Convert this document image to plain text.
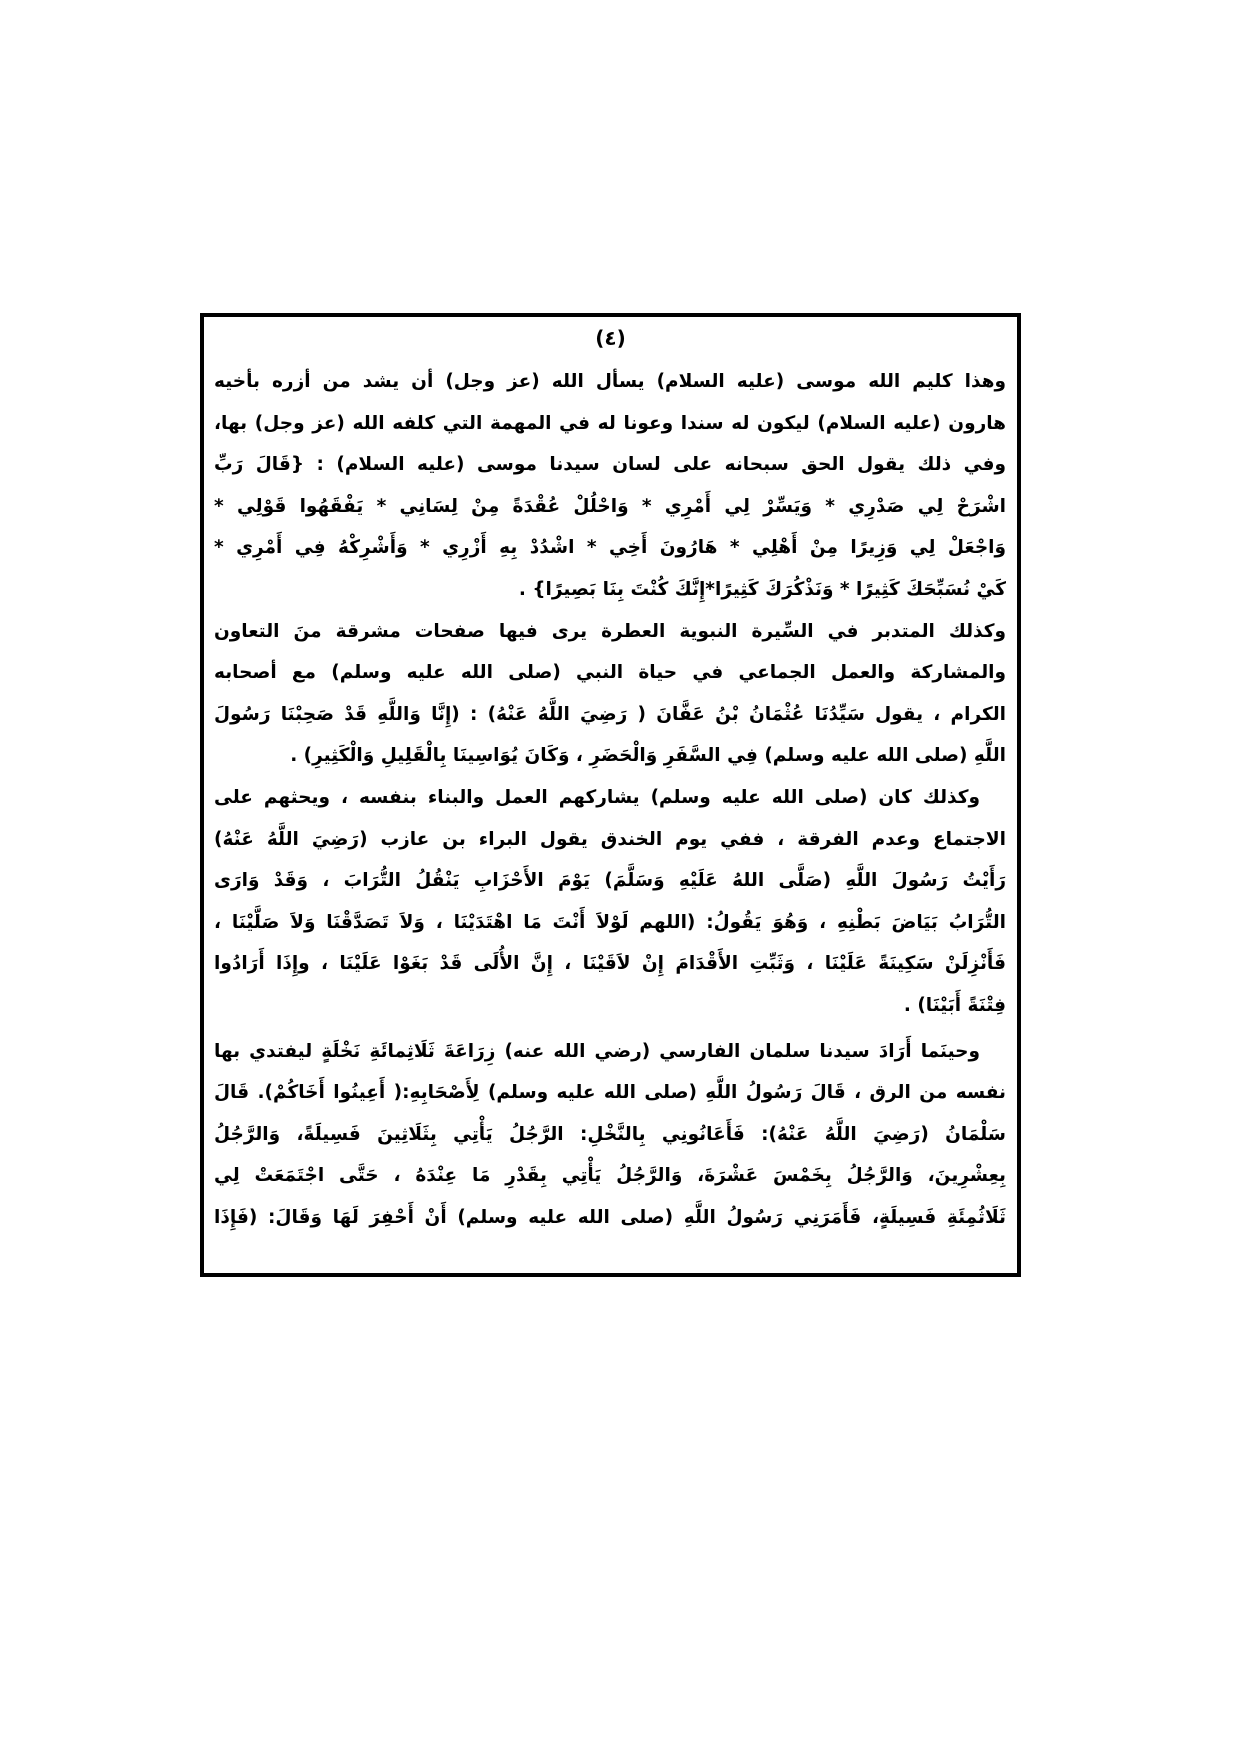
(٤)
وهذا كليم الله موسى (عليه السلام) يسأل الله (عز وجل) أن يشد من أزره بأخيه
هارون (عليه السلام) ليكون له سندا وعونا له في المهمة التي كلفه الله (عز وجل) بها،
وفي ذلك يقول الحق سبحانه على لسان سيدنا موسى (عليه السلام) : {قَالَ رَبِّ
اشْرَحْ لِي صَدْرِي * وَيَسِّرْ لِي أَمْرِي * وَاحْلُلْ عُقْدَةً مِنْ لِسَانِي * يَفْقَهُوا قَوْلِي *
وَاجْعَلْ لِي وَزِيرًا مِنْ أَهْلِي * هَارُونَ أَخِي * اشْدُدْ بِهِ أَزْرِي * وَأَشْرِكْهُ فِي أَمْرِي *
كَيْ نُسَبِّحَكَ كَثِيرًا * وَنَذْكُرَكَ كَثِيرًا*إِنَّكَ كُنْتَ بِنَا بَصِيرًا} .
وكذلك المتدبر في السِّيرة النبوية العطرة يرى فيها صفحات مشرقة منَ التعاون
والمشاركة والعمل الجماعي في حياة النبي (صلى الله عليه وسلم) مع أصحابه
الكرام ، يقول سَيِّدُنَا عُثْمَانُ بْنُ عَفَّانَ ( رَضِيَ اللَّهُ عَنْهُ) : (إِنَّا وَاللَّهِ قَدْ صَحِبْنَا رَسُولَ
اللَّهِ (صلى الله عليه وسلم) فِي السَّفَرِ وَالْحَضَرِ ، وَكَانَ يُوَاسِينَا بِالْقَلِيلِ وَالْكَثِيرِ) .
وكذلك كان (صلى الله عليه وسلم) يشاركهم العمل والبناء بنفسه ، ويحثهم على
الاجتماع وعدم الفرقة ، ففي يوم الخندق يقول البراء بن عازب (رَضِيَ اللَّهُ عَنْهُ)
رَأَيْتُ رَسُولَ اللَّهِ (صَلَّى اللهُ عَلَيْهِ وَسَلَّمَ) يَوْمَ الأَحْزَابِ يَنْقُلُ التُّرَابَ ، وَقَدْ وَارَى
التُّرَابُ بَيَاضَ بَطْنِهِ ، وَهُوَ يَقُولُ: (اللهم لَوْلاَ أَنْتَ مَا اهْتَدَيْنَا ، وَلاَ تَصَدَّقْنَا وَلاَ صَلَّيْنَا ،
فَأَنْزِلَنْ سَكِينَةً عَلَيْنَا ، وَثَبِّتِ الأَقْدَامَ إِنْ لاَقَيْنَا ، إِنَّ الأُلَى قَدْ بَغَوْا عَلَيْنَا ، وإِذَا أَرَادُوا
فِتْنَةً أَبَيْنَا) .
وحينَما أَرَادَ سيدنا سلمان الفارسي (رضي الله عنه) زِرَاعَةَ ثَلَاثِمائَةِ نَخْلَةٍ ليفتدي بها
نفسه من الرق ، قَالَ رَسُولُ اللَّهِ (صلى الله عليه وسلم) لِأَصْحَابِهِ:( أَعِينُوا أَخَاكُمْ). قَالَ
سَلْمَانُ (رَضِيَ اللَّهُ عَنْهُ): فَأَعَانُونِي بِالنَّخْلِ: الرَّجُلُ يَأْتِي بِثَلَاثِينَ فَسِيلَةً، وَالرَّجُلُ
بِعِشْرِينَ، وَالرَّجُلُ بِخَمْسَ عَشْرَةَ، وَالرَّجُلُ يَأْتِي بِقَدْرِ مَا عِنْدَهُ ، حَتَّى اجْتَمَعَتْ لِي
ثَلَاثُمِئَةِ فَسِيلَةٍ، فَأَمَرَنِي رَسُولُ اللَّهِ (صلى الله عليه وسلم) أَنْ أَحْفِرَ لَهَا وَقَالَ: (فَإِذَا
